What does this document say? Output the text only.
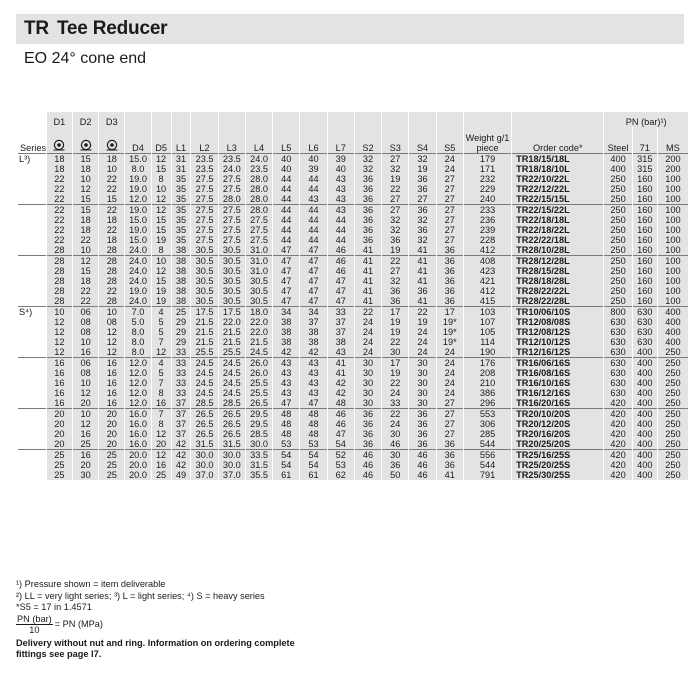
TR Tee Reducer
EO 24° cone end
	D1	D2	D3																PN (bar)¹)		
Series				D4	D5	L1	L2	L3	L4	L5	L6	L7	S2	S3	S4	S5	Weight g/1 piece	Order code*	Steel	71	MS
L³)	18	15	18	15.0	12	31	23.5	23.5	24.0	40	40	39	32	27	32	24	179	TR18/15/18L	400	315	200
	18	18	10	8.0	15	31	23.5	24.0	23.5	40	39	40	32	32	19	24	171	TR18/18/10L	400	315	200
	22	10	22	19.0	8	35	27.5	27.5	28.0	44	44	43	36	19	36	27	232	TR22/10/22L	250	160	100
	22	12	22	19.0	10	35	27.5	27.5	28.0	44	44	43	36	22	36	27	229	TR22/12/22L	250	160	100
	22	15	15	12.0	12	35	27.5	28.0	28.0	44	43	43	36	27	27	27	240	TR22/15/15L	250	160	100
	22	15	22	19.0	12	35	27.5	27.5	28.0	44	44	43	36	27	36	27	233	TR22/15/22L	250	160	100
	22	18	18	15.0	15	35	27.5	27.5	27.5	44	44	44	36	32	32	27	236	TR22/18/18L	250	160	100
	22	18	22	19.0	15	35	27.5	27.5	27.5	44	44	44	36	32	36	27	239	TR22/18/22L	250	160	100
	22	22	18	15.0	19	35	27.5	27.5	27.5	44	44	44	36	36	32	27	228	TR22/22/18L	250	160	100
	28	10	28	24.0	8	38	30.5	30.5	31.0	47	47	46	41	19	41	36	412	TR28/10/28L	250	160	100
	28	12	28	24.0	10	38	30.5	30.5	31.0	47	47	46	41	22	41	36	408	TR28/12/28L	250	160	100
	28	15	28	24.0	12	38	30.5	30.5	31.0	47	47	46	41	27	41	36	423	TR28/15/28L	250	160	100
	28	18	28	24.0	15	38	30.5	30.5	30.5	47	47	47	41	32	41	36	421	TR28/18/28L	250	160	100
	28	22	22	19.0	19	38	30.5	30.5	30.5	47	47	47	41	36	36	36	412	TR28/22/22L	250	160	100
	28	22	28	24.0	19	38	30.5	30.5	30.5	47	47	47	41	36	41	36	415	TR28/22/28L	250	160	100
S⁴)	10	06	10	7.0	4	25	17.5	17.5	18.0	34	34	33	22	17	22	17	103	TR10/06/10S	800	630	400
	12	08	08	5.0	5	29	21.5	22.0	22.0	38	37	37	24	19	19	19*	107	TR12/08/08S	630	630	400
	12	08	12	8.0	5	29	21.5	21.5	22.0	38	38	37	24	19	24	19*	105	TR12/08/12S	630	630	400
	12	10	12	8.0	7	29	21.5	21.5	21.5	38	38	38	24	22	24	19*	114	TR12/10/12S	630	630	400
	12	16	12	8.0	12	33	25.5	25.5	24.5	42	42	43	24	30	24	24	190	TR12/16/12S	630	400	250
	16	06	16	12.0	4	33	24.5	24.5	26.0	43	43	41	30	17	30	24	176	TR16/06/16S	630	400	250
	16	08	16	12.0	5	33	24.5	24.5	26.0	43	43	41	30	19	30	24	208	TR16/08/16S	630	400	250
	16	10	16	12.0	7	33	24.5	24.5	25.5	43	43	42	30	22	30	24	210	TR16/10/16S	630	400	250
	16	12	16	12.0	8	33	24.5	24.5	25.5	43	43	42	30	24	30	24	386	TR16/12/16S	630	400	250
	16	20	16	12.0	16	37	28.5	28.5	26.5	47	47	48	30	33	30	27	296	TR16/20/16S	420	400	250
	20	10	20	16.0	7	37	26.5	26.5	29.5	48	48	46	36	22	36	27	553	TR20/10/20S	420	400	250
	20	12	20	16.0	8	37	26.5	26.5	29.5	48	48	46	36	24	36	27	306	TR20/12/20S	420	400	250
	20	16	20	16.0	12	37	26.5	26.5	28.5	48	48	47	36	30	36	27	285	TR20/16/20S	420	400	250
	20	25	20	16.0	20	42	31.5	31.5	30.0	53	53	54	36	46	36	36	544	TR20/25/20S	420	400	250
	25	16	25	20.0	12	42	30.0	30.0	33.5	54	54	52	46	30	46	36	556	TR25/16/25S	420	400	250
	25	20	25	20.0	16	42	30.0	30.0	31.5	54	54	53	46	36	46	36	544	TR25/20/25S	420	400	250
	25	30	25	20.0	25	49	37.0	37.0	35.5	61	61	62	46	50	46	41	791	TR25/30/25S	420	400	250
¹) Pressure shown = item deliverable
²) LL = very light series; ³) L = light series; ⁴) S = heavy series
*S5 = 17 in 1.4571
$\frac{\text{PN (bar)}}{10}$ = PN (MPa)
Delivery without nut and ring. Information on ordering complete fittings see page I7.
